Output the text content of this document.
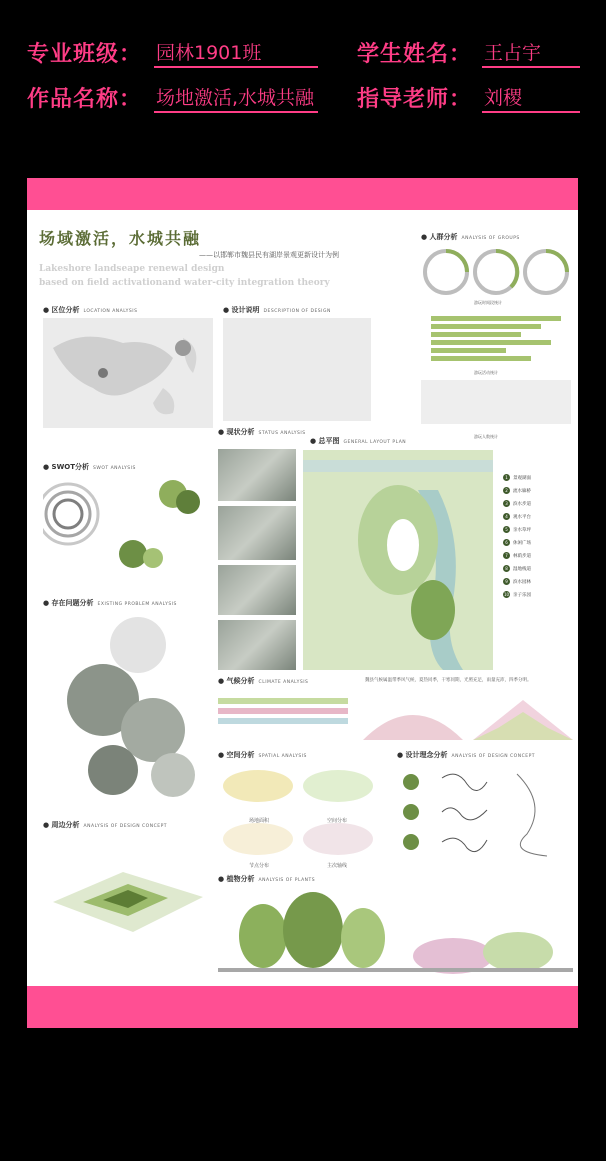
专业班级： 园林1901班	学生姓名： 王占宇
作品名称： 场地激活,水城共融 指导老师： 刘稷
场域激活，水城共融
——以邯郸市魏县民有湖岸景观更新设计为例
Lakeshore landseape renewal design
based on field activationand water-city integration theory
● 区位分析 LOCATION ANALYSIS
● SWOT分析 SWOT ANALYSIS
● 存在问题分析 EXISTING PROBLEM ANALYSIS
● 周边分析 ANALYSIS OF DESIGN CONCEPT
● 设计说明 DESCRIPTION OF DESIGN
● 现状分析 STATUS ANALYSIS
● 总平图 GENERAL LAYOUT PLAN
● 人群分析 ANALYSIS OF GROUPS
游玩时间段统计
游玩活动统计
游玩人数统计
1 景观湖面
2 流水廊桥
3 滨水步道
4 观水平台
5 亲水草坪
6 休闲广场
7 林荫步道
8 湿地栈道
9 滨水园林
10 亲子乐园
● 气候分析 CLIMATE ANALYSIS	魏县气候属温带季风气候，夏热同季，干寒同期，光照充足，雨量充沛，四季分明。
● 空间分析 SPATIAL ANALYSIS
场地面积	空间分布
节点分布	主次轴线
● 设计理念分析 ANALYSIS OF DESIGN CONCEPT
● 植物分析 ANALYSIS OF PLANTS
